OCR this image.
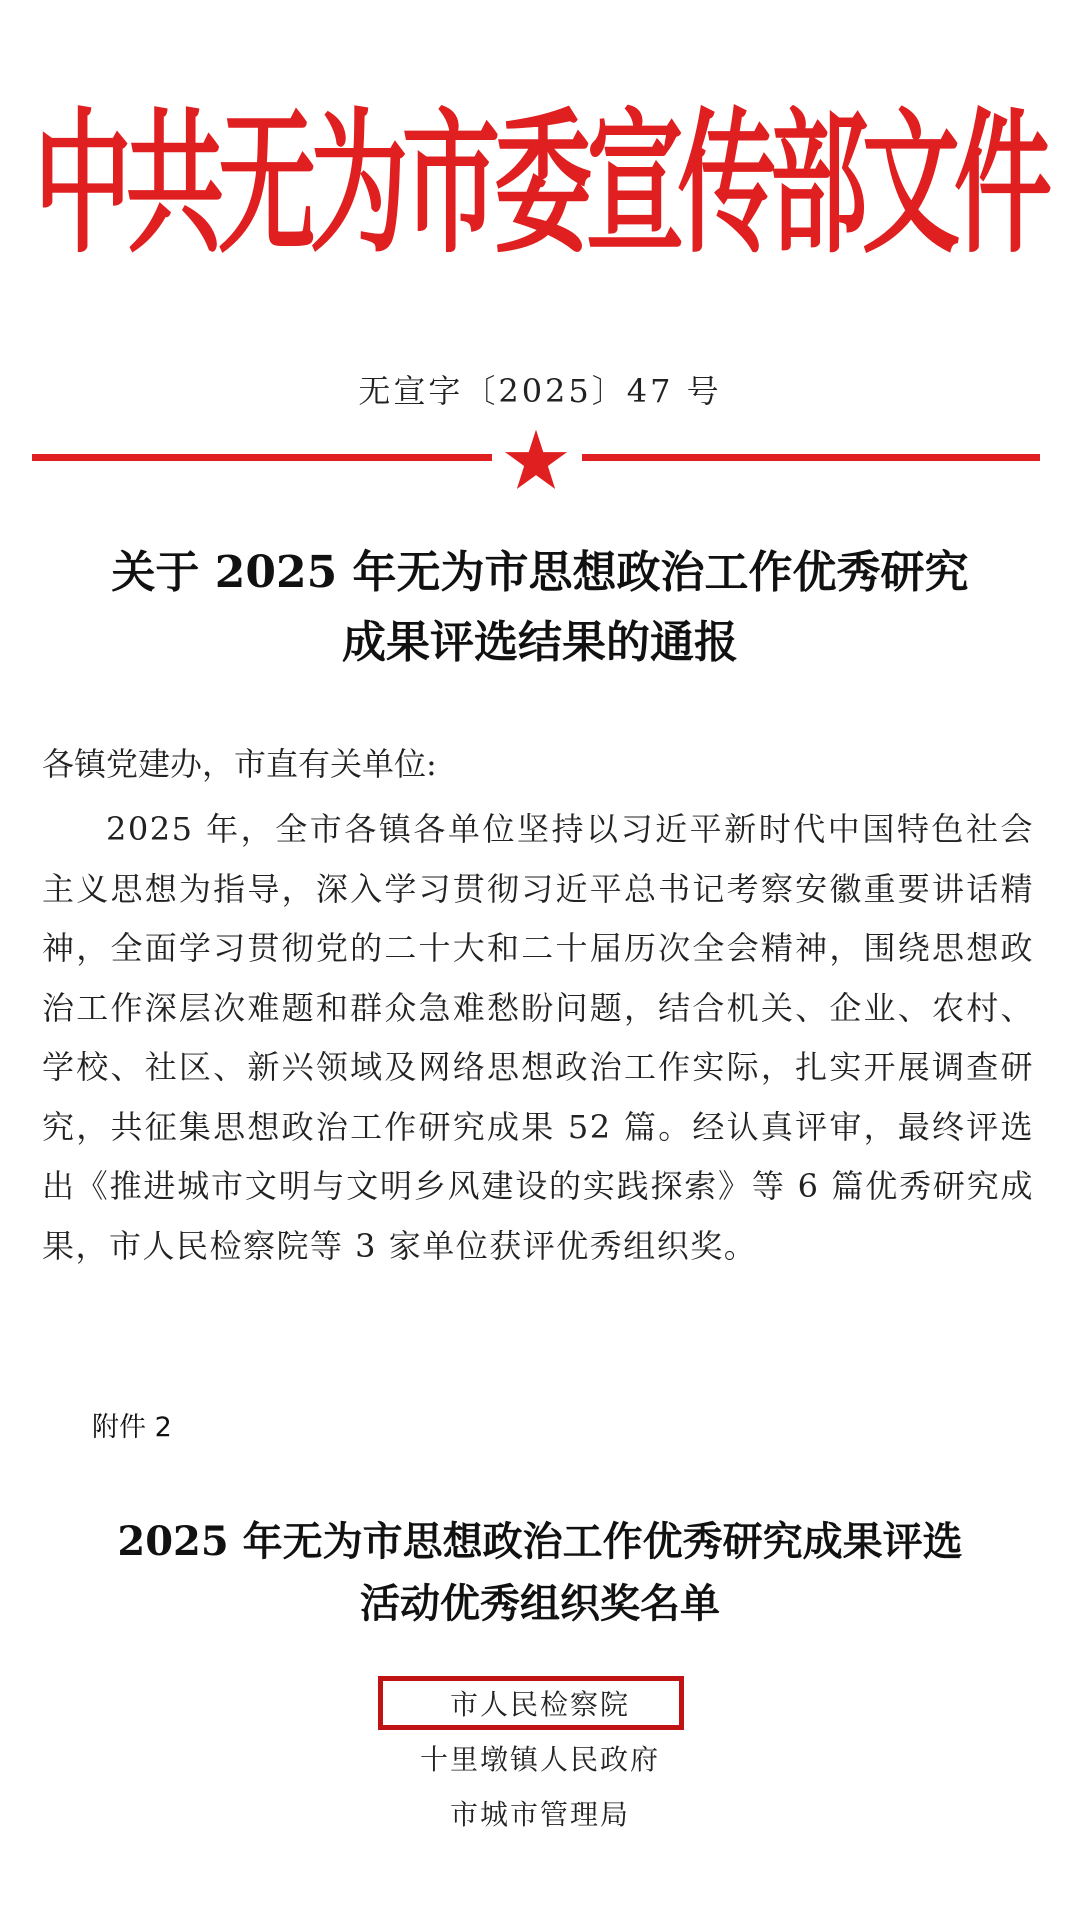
中共无为市委宣传部文件
无宣字〔2025〕47 号
关于 2025 年无为市思想政治工作优秀研究
成果评选结果的通报
各镇党建办，市直有关单位:
2025 年，全市各镇各单位坚持以习近平新时代中国特色社会主义思想为指导，深入学习贯彻习近平总书记考察安徽重要讲话精神，全面学习贯彻党的二十大和二十届历次全会精神，围绕思想政治工作深层次难题和群众急难愁盼问题，结合机关、企业、农村、学校、社区、新兴领域及网络思想政治工作实际，扎实开展调查研究，共征集思想政治工作研究成果 52 篇。经认真评审，最终评选出《推进城市文明与文明乡风建设的实践探索》等 6 篇优秀研究成果，市人民检察院等 3 家单位获评优秀组织奖。
附件 2
2025 年无为市思想政治工作优秀研究成果评选
活动优秀组织奖名单
市人民检察院
十里墩镇人民政府
市城市管理局
